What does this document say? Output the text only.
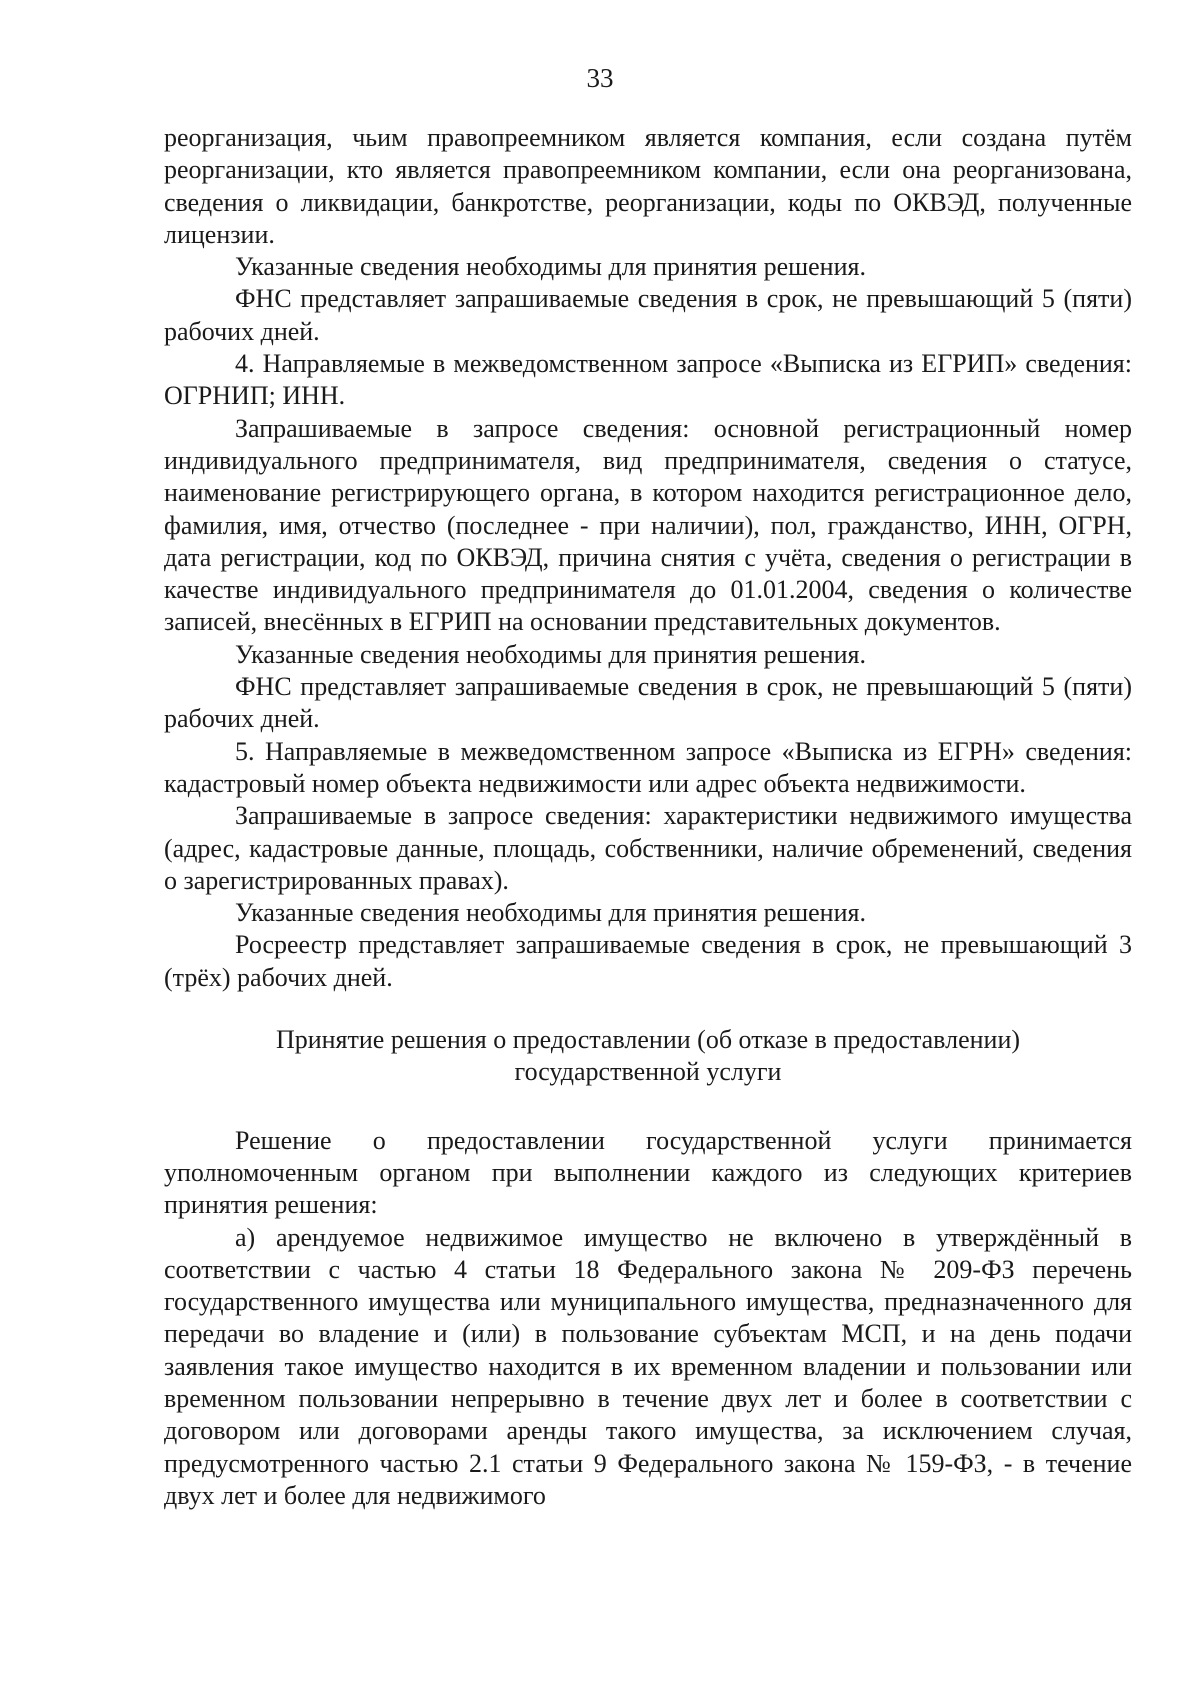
33

реорганизация, чьим правопреемником является компания, если создана путём реорганизации, кто является правопреемником компании, если она реорганизована, сведения о ликвидации, банкротстве, реорганизации, коды по ОКВЭД, полученные лицензии.

Указанные сведения необходимы для принятия решения.

ФНС представляет запрашиваемые сведения в срок, не превышающий 5 (пяти) рабочих дней.

4. Направляемые в межведомственном запросе «Выписка из ЕГРИП» сведения: ОГРНИП; ИНН.

Запрашиваемые в запросе сведения: основной регистрационный номер индивидуального предпринимателя, вид предпринимателя, сведения о статусе, наименование регистрирующего органа, в котором находится регистрационное дело, фамилия, имя, отчество (последнее - при наличии), пол, гражданство, ИНН, ОГРН, дата регистрации, код по ОКВЭД, причина снятия с учёта, сведения о регистрации в качестве индивидуального предпринимателя до 01.01.2004, сведения о количестве записей, внесённых в ЕГРИП на основании представительных документов.

Указанные сведения необходимы для принятия решения.

ФНС представляет запрашиваемые сведения в срок, не превышающий 5 (пяти) рабочих дней.

5. Направляемые в межведомственном запросе «Выписка из ЕГРН» сведения: кадастровый номер объекта недвижимости или адрес объекта недвижимости.

Запрашиваемые в запросе сведения: характеристики недвижимого имущества (адрес, кадастровые данные, площадь, собственники, наличие обременений, сведения о зарегистрированных правах).

Указанные сведения необходимы для принятия решения.

Росреестр представляет запрашиваемые сведения в срок, не превышающий 3 (трёх) рабочих дней.

Принятие решения о предоставлении (об отказе в предоставлении)
государственной услуги

Решение о предоставлении государственной услуги принимается уполномоченным органом при выполнении каждого из следующих критериев принятия решения:

а) арендуемое недвижимое имущество не включено в утверждённый в соответствии с частью 4 статьи 18 Федерального закона № 209-ФЗ перечень государственного имущества или муниципального имущества, предназначенного для передачи во владение и (или) в пользование субъектам МСП, и на день подачи заявления такое имущество находится в их временном владении и пользовании или временном пользовании непрерывно в течение двух лет и более в соответствии с договором или договорами аренды такого имущества, за исключением случая, предусмотренного частью 2.1 статьи 9 Федерального закона № 159-ФЗ, - в течение двух лет и более для недвижимого
